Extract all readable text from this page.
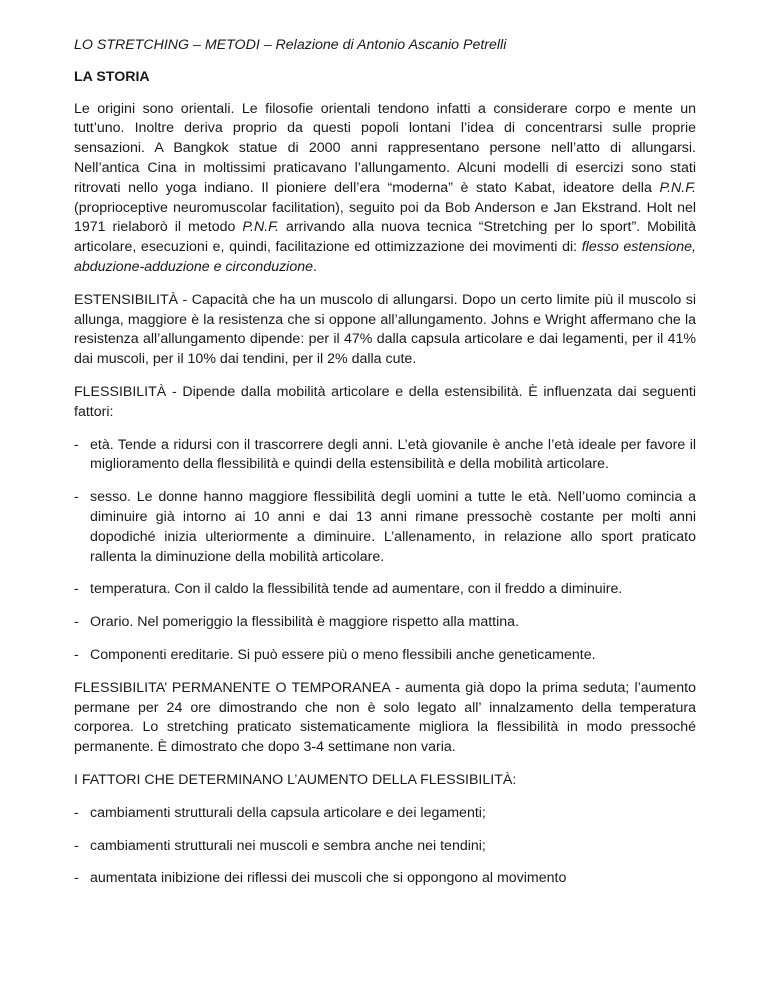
LO STRETCHING – METODI – Relazione di Antonio Ascanio Petrelli

LA STORIA

Le origini sono orientali. Le filosofie orientali tendono infatti a considerare corpo e mente un tutt’uno. Inoltre deriva proprio da questi popoli lontani l’idea di concentrarsi sulle proprie sensazioni. A Bangkok statue di 2000 anni rappresentano persone nell’atto di allungarsi. Nell’antica Cina in moltissimi praticavano l’allungamento. Alcuni modelli di esercizi sono stati ritrovati nello yoga indiano. Il pioniere dell’era “moderna” è stato Kabat, ideatore della P.N.F. (proprioceptive neuromuscolar facilitation), seguito poi da Bob Anderson e Jan Ekstrand. Holt nel 1971 rielaborò il metodo P.N.F. arrivando alla nuova tecnica “Stretching per lo sport”. Mobilità articolare, esecuzioni e, quindi, facilitazione ed ottimizzazione dei movimenti di: flesso estensione, abduzione-adduzione e circonduzione.

ESTENSIBILITÀ - Capacità che ha un muscolo di allungarsi. Dopo un certo limite più il muscolo si allunga, maggiore è la resistenza che si oppone all’allungamento. Johns e Wright affermano che la resistenza all’allungamento dipende: per il 47% dalla capsula articolare e dai legamenti, per il 41% dai muscoli, per il 10% dai tendini, per il 2% dalla cute.

FLESSIBILITÀ - Dipende dalla mobilità articolare e della estensibilità. È influenzata dai seguenti fattori:

- età. Tende a ridursi con il trascorrere degli anni. L’età giovanile è anche l’età ideale per favore il miglioramento della flessibilità e quindi della estensibilità e della mobilità articolare.

- sesso. Le donne hanno maggiore flessibilità degli uomini a tutte le età. Nell’uomo comincia a diminuire già intorno ai 10 anni e dai 13 anni rimane pressochè costante per molti anni dopodiché inizia ulteriormente a diminuire. L’allenamento, in relazione allo sport praticato rallenta la diminuzione della mobilità articolare.

- temperatura. Con il caldo la flessibilità tende ad aumentare, con il freddo a diminuire.

- Orario. Nel pomeriggio la flessibilità è maggiore rispetto alla mattina.

- Componenti ereditarie. Si può essere più o meno flessibili anche geneticamente.

FLESSIBILITA’ PERMANENTE O TEMPORANEA - aumenta già dopo la prima seduta; l’aumento permane per 24 ore dimostrando che non è solo legato all’ innalzamento della temperatura corporea. Lo stretching praticato sistematicamente migliora la flessibilità in modo pressoché permanente. È dimostrato che dopo 3-4 settimane non varia.

I FATTORI CHE DETERMINANO L’AUMENTO DELLA FLESSIBILITÀ:

- cambiamenti strutturali della capsula articolare e dei legamenti;

- cambiamenti strutturali nei muscoli e sembra anche nei tendini;

- aumentata inibizione dei riflessi dei muscoli che si oppongono al movimento
